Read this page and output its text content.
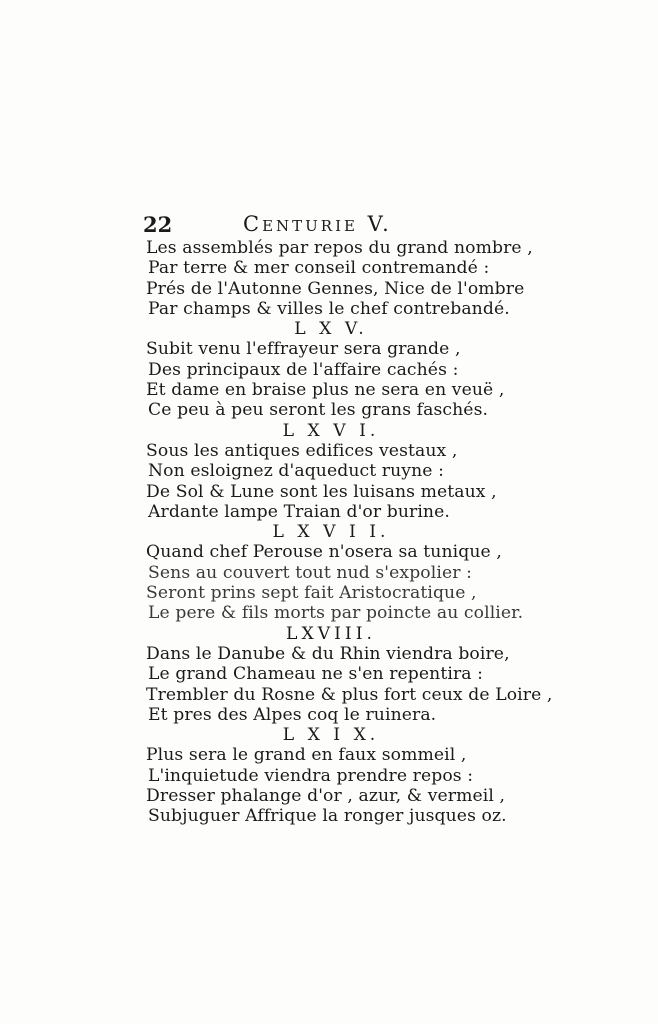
22	Centurie V.
Les assemblés par repos du grand nombre ,
Par terre & mer conseil contremandé :
Prés de l'Autonne Gennes, Nice de l'ombre
Par champs & villes le chef contrebandé.
L X V.
Subit venu l'effrayeur sera grande ,
Des principaux de l'affaire cachés :
Et dame en braise plus ne sera en veuë ,
Ce peu à peu seront les grans faschés.
L X V I.
Sous les antiques edifices vestaux ,
Non esloignez d'aqueduct ruyne :
De Sol & Lune sont les luisans metaux ,
Ardante lampe Traian d'or burine.
L X V I I.
Quand chef Perouse n'osera sa tunique ,
Sens au couvert tout nud s'expolier :
Seront prins sept fait Aristocratique ,
Le pere & fils morts par poincte au collier.
LXVIII.
Dans le Danube & du Rhin viendra boire,
Le grand Chameau ne s'en repentira :
Trembler du Rosne & plus fort ceux de Loire ,
Et pres des Alpes coq le ruinera.
L X I X.
Plus sera le grand en faux sommeil ,
L'inquietude viendra prendre repos :
Dresser phalange d'or , azur, & vermeil ,
Subjuguer Affrique la ronger jusques oz.
